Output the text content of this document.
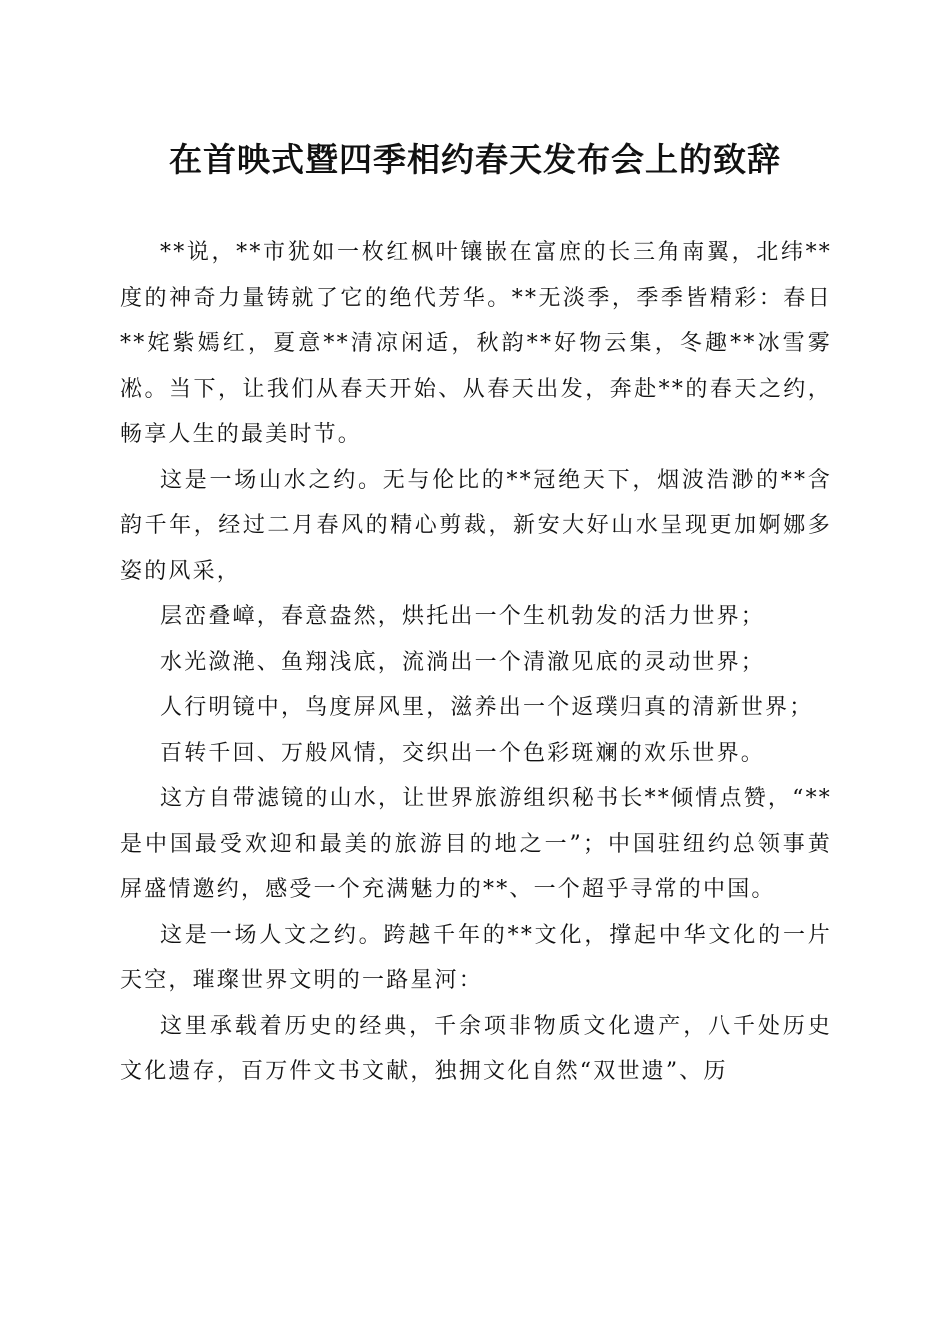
在首映式暨四季相约春天发布会上的致辞

**说，**市犹如一枚红枫叶镶嵌在富庶的长三角南翼，北纬**度的神奇力量铸就了它的绝代芳华。**无淡季，季季皆精彩：春日**姹紫嫣红，夏意**清凉闲适，秋韵**好物云集，冬趣**冰雪雾凇。当下，让我们从春天开始、从春天出发，奔赴**的春天之约，畅享人生的最美时节。

这是一场山水之约。无与伦比的**冠绝天下，烟波浩渺的**含韵千年，经过二月春风的精心剪裁，新安大好山水呈现更加婀娜多姿的风采，

层峦叠嶂，春意盎然，烘托出一个生机勃发的活力世界；

水光潋滟、鱼翔浅底，流淌出一个清澈见底的灵动世界；

人行明镜中，鸟度屏风里，滋养出一个返璞归真的清新世界；

百转千回、万般风情，交织出一个色彩斑斓的欢乐世界。

这方自带滤镜的山水，让世界旅游组织秘书长**倾情点赞，“**是中国最受欢迎和最美的旅游目的地之一”；中国驻纽约总领事黄屏盛情邀约，感受一个充满魅力的**、一个超乎寻常的中国。

这是一场人文之约。跨越千年的**文化，撑起中华文化的一片天空，璀璨世界文明的一路星河：

这里承载着历史的经典，千余项非物质文化遗产，八千处历史文化遗存，百万件文书文献，独拥文化自然“双世遗”、历
